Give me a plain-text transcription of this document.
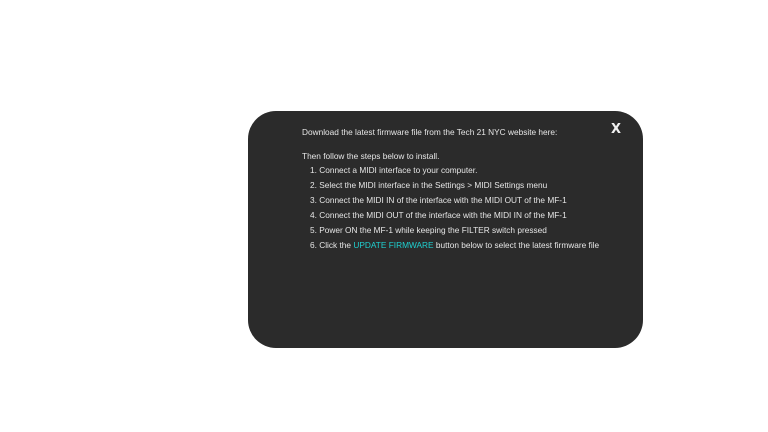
X
Download the latest firmware file from the Tech 21 NYC website here:
Then follow the steps below to install.
1. Connect a MIDI interface to your computer.
2. Select the MIDI interface in the Settings > MIDI Settings menu
3. Connect the MIDI IN of the interface with the MIDI OUT of the MF-1
4. Connect the MIDI OUT of the interface with the MIDI IN of the MF-1
5. Power ON the MF-1 while keeping the FILTER switch pressed
6. Click the UPDATE FIRMWARE button below to select the latest firmware file
